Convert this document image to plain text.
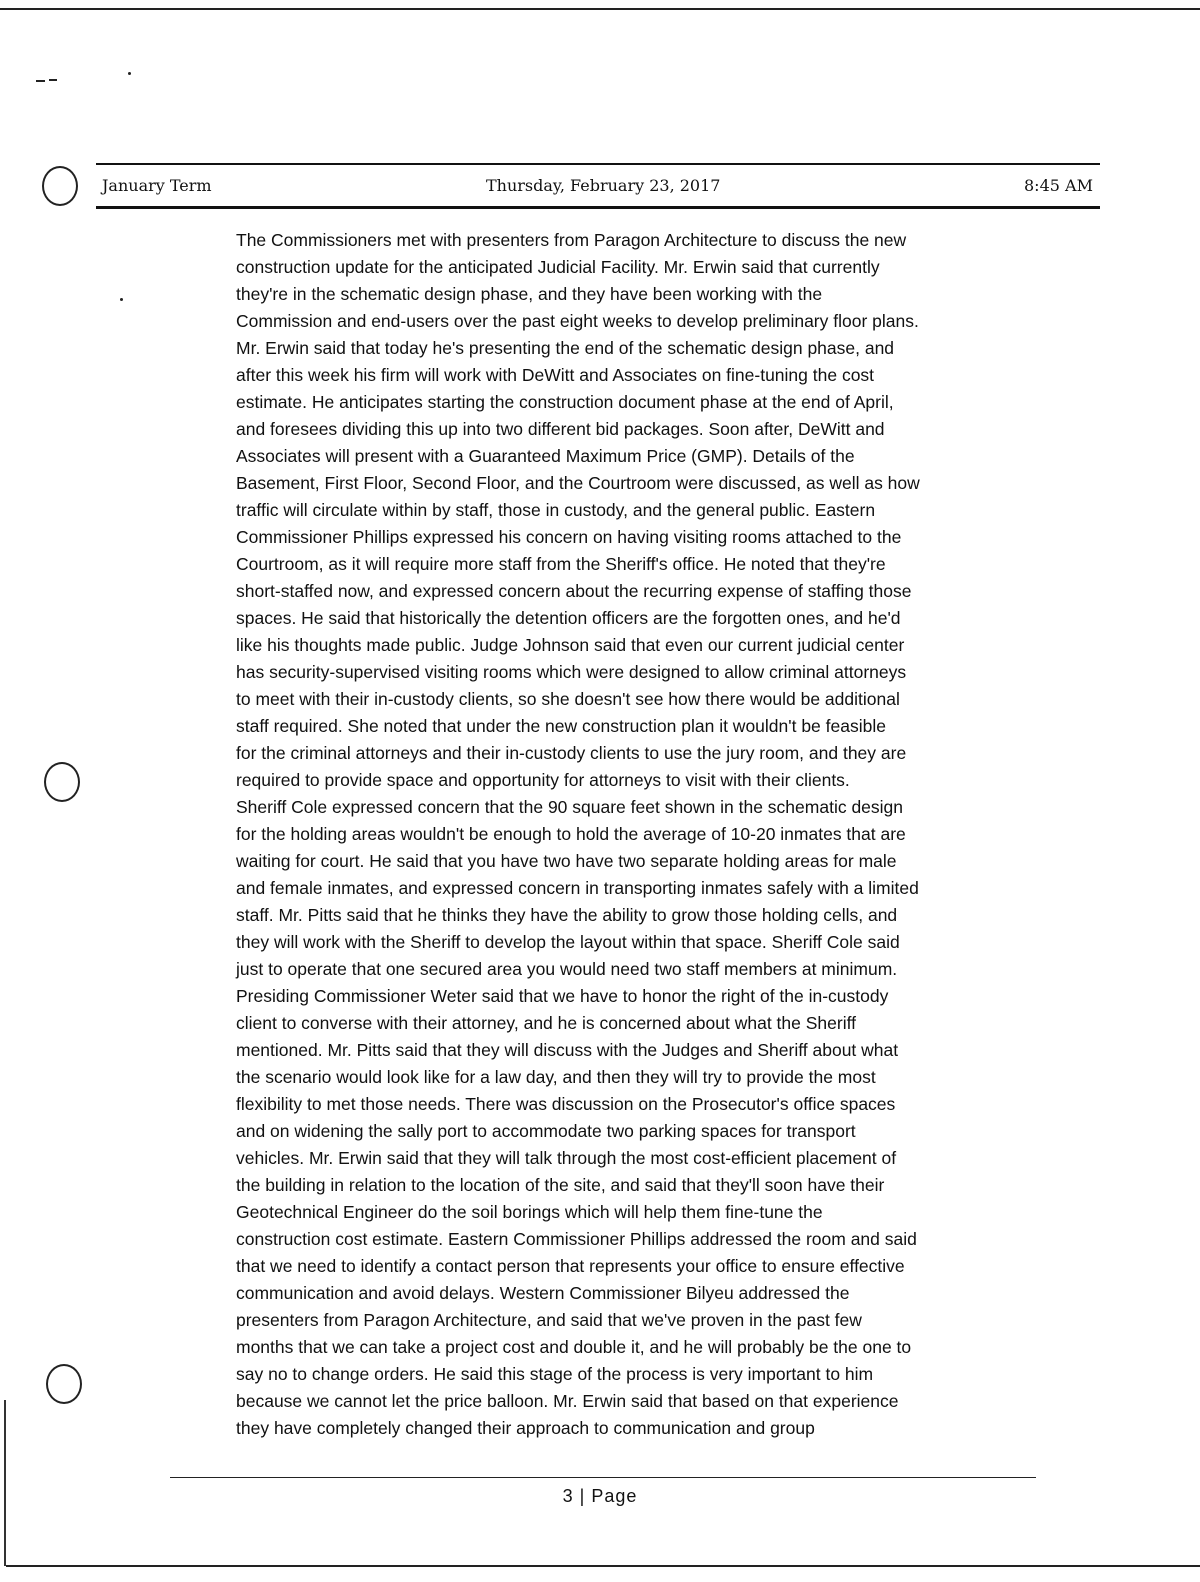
January Term	Thursday, February 23, 2017	8:45 AM
The Commissioners met with presenters from Paragon Architecture to discuss the new
construction update for the anticipated Judicial Facility. Mr. Erwin said that currently
they're in the schematic design phase, and they have been working with the
Commission and end-users over the past eight weeks to develop preliminary floor plans.
Mr. Erwin said that today he's presenting the end of the schematic design phase, and
after this week his firm will work with DeWitt and Associates on fine-tuning the cost
estimate. He anticipates starting the construction document phase at the end of April,
and foresees dividing this up into two different bid packages. Soon after, DeWitt and
Associates will present with a Guaranteed Maximum Price (GMP). Details of the
Basement, First Floor, Second Floor, and the Courtroom were discussed, as well as how
traffic will circulate within by staff, those in custody, and the general public. Eastern
Commissioner Phillips expressed his concern on having visiting rooms attached to the
Courtroom, as it will require more staff from the Sheriff's office. He noted that they're
short-staffed now, and expressed concern about the recurring expense of staffing those
spaces. He said that historically the detention officers are the forgotten ones, and he'd
like his thoughts made public. Judge Johnson said that even our current judicial center
has security-supervised visiting rooms which were designed to allow criminal attorneys
to meet with their in-custody clients, so she doesn't see how there would be additional
staff required. She noted that under the new construction plan it wouldn't be feasible
for the criminal attorneys and their in-custody clients to use the jury room, and they are
required to provide space and opportunity for attorneys to visit with their clients.
Sheriff Cole expressed concern that the 90 square feet shown in the schematic design
for the holding areas wouldn't be enough to hold the average of 10-20 inmates that are
waiting for court. He said that you have two have two separate holding areas for male
and female inmates, and expressed concern in transporting inmates safely with a limited
staff. Mr. Pitts said that he thinks they have the ability to grow those holding cells, and
they will work with the Sheriff to develop the layout within that space. Sheriff Cole said
just to operate that one secured area you would need two staff members at minimum.
Presiding Commissioner Weter said that we have to honor the right of the in-custody
client to converse with their attorney, and he is concerned about what the Sheriff
mentioned. Mr. Pitts said that they will discuss with the Judges and Sheriff about what
the scenario would look like for a law day, and then they will try to provide the most
flexibility to met those needs. There was discussion on the Prosecutor's office spaces
and on widening the sally port to accommodate two parking spaces for transport
vehicles. Mr. Erwin said that they will talk through the most cost-efficient placement of
the building in relation to the location of the site, and said that they'll soon have their
Geotechnical Engineer do the soil borings which will help them fine-tune the
construction cost estimate. Eastern Commissioner Phillips addressed the room and said
that we need to identify a contact person that represents your office to ensure effective
communication and avoid delays. Western Commissioner Bilyeu addressed the
presenters from Paragon Architecture, and said that we've proven in the past few
months that we can take a project cost and double it, and he will probably be the one to
say no to change orders. He said this stage of the process is very important to him
because we cannot let the price balloon. Mr. Erwin said that based on that experience
they have completely changed their approach to communication and group
3 | Page
